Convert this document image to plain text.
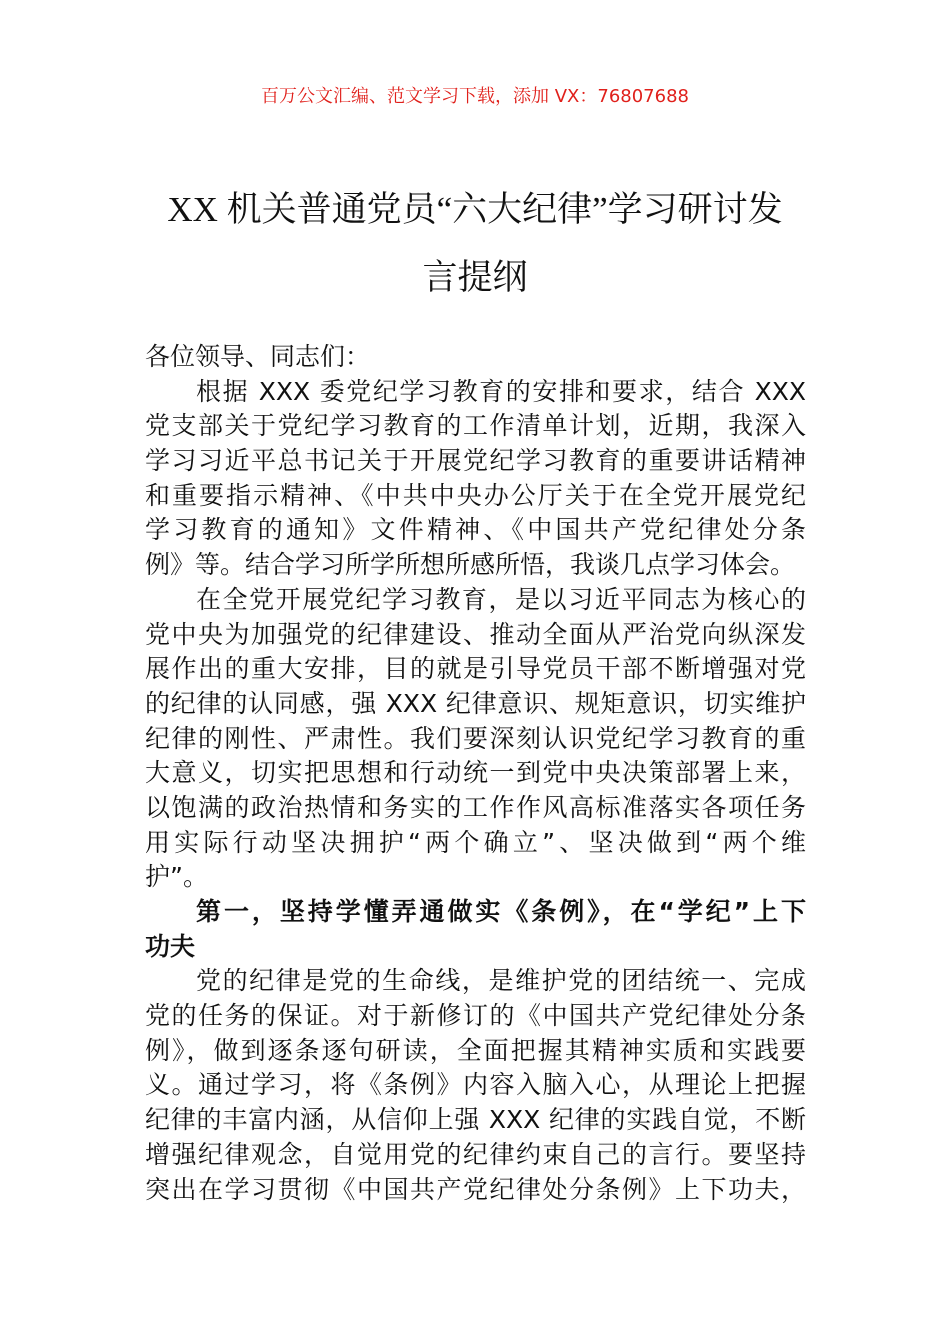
百万公文汇编、范文学习下载，添加 VX：76807688
XX 机关普通党员“六大纪律”学习研讨发
言提纲
各位领导、同志们：
根据 XXX 委党纪学习教育的安排和要求，结合 XXX
党支部关于党纪学习教育的工作清单计划，近期，我深入
学习习近平总书记关于开展党纪学习教育的重要讲话精神
和重要指示精神、《中共中央办公厅关于在全党开展党纪
学习教育的通知》文件精神、《中国共产党纪律处分条
例》等。结合学习所学所想所感所悟，我谈几点学习体会。
在全党开展党纪学习教育，是以习近平同志为核心的
党中央为加强党的纪律建设、推动全面从严治党向纵深发
展作出的重大安排，目的就是引导党员干部不断增强对党
的纪律的认同感，强 XXX 纪律意识、规矩意识，切实维护
纪律的刚性、严肃性。我们要深刻认识党纪学习教育的重
大意义，切实把思想和行动统一到党中央决策部署上来，
以饱满的政治热情和务实的工作作风高标准落实各项任务
用实际行动坚决拥护“两个确立”、坚决做到“两个维
护”。
第一，坚持学懂弄通做实《条例》，在“学纪”上下
功夫
党的纪律是党的生命线，是维护党的团结统一、完成
党的任务的保证。对于新修订的《中国共产党纪律处分条
例》，做到逐条逐句研读，全面把握其精神实质和实践要
义。通过学习，将《条例》内容入脑入心，从理论上把握
纪律的丰富内涵，从信仰上强 XXX 纪律的实践自觉，不断
增强纪律观念，自觉用党的纪律约束自己的言行。要坚持
突出在学习贯彻《中国共产党纪律处分条例》上下功夫，
